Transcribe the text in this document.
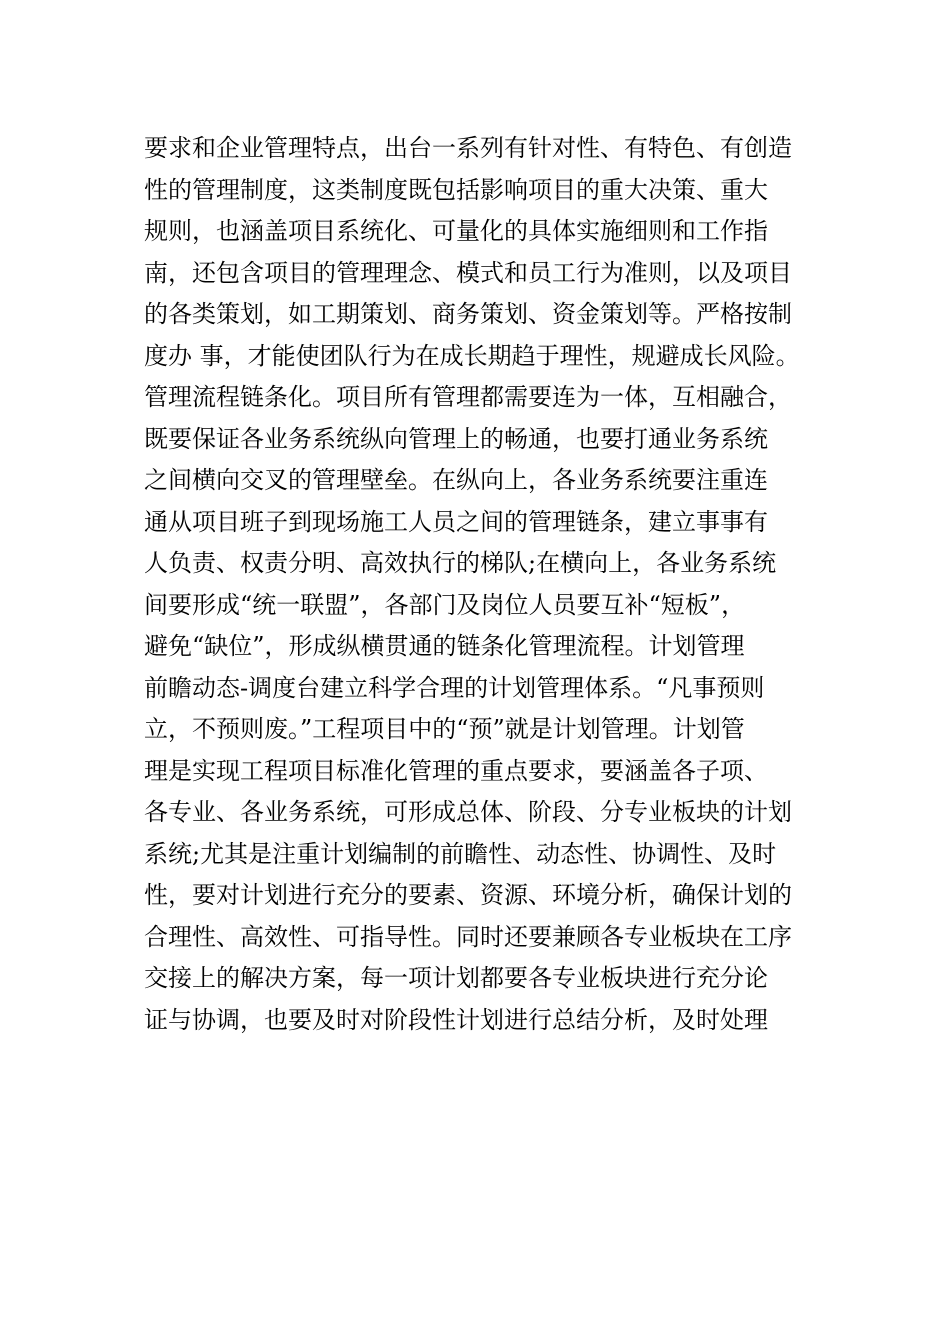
要求和企业管理特点，出台一系列有针对性、有特色、有创造
性的管理制度，这类制度既包括影响项目的重大决策、重大
规则，也涵盖项目系统化、可量化的具体实施细则和工作指
南，还包含项目的管理理念、模式和员工行为准则，以及项目
的各类策划，如工期策划、商务策划、资金策划等。严格按制
度办 事，才能使团队行为在成长期趋于理性，规避成长风险。
管理流程链条化。项目所有管理都需要连为一体，互相融合，
既要保证各业务系统纵向管理上的畅通，也要打通业务系统
之间横向交叉的管理壁垒。在纵向上，各业务系统要注重连
通从项目班子到现场施工人员之间的管理链条，建立事事有
人负责、权责分明、高效执行的梯队;在横向上，各业务系统
间要形成“统一联盟”，各部门及岗位人员要互补“短板”，
避免“缺位”，形成纵横贯通的链条化管理流程。计划管理
前瞻动态-调度台建立科学合理的计划管理体系。“凡事预则
立，不预则废。”工程项目中的“预”就是计划管理。计划管
理是实现工程项目标准化管理的重点要求，要涵盖各子项、
各专业、各业务系统，可形成总体、阶段、分专业板块的计划
系统;尤其是注重计划编制的前瞻性、动态性、协调性、及时
性，要对计划进行充分的要素、资源、环境分析，确保计划的
合理性、高效性、可指导性。同时还要兼顾各专业板块在工序
交接上的解决方案，每一项计划都要各专业板块进行充分论
证与协调，也要及时对阶段性计划进行总结分析，及时处理
